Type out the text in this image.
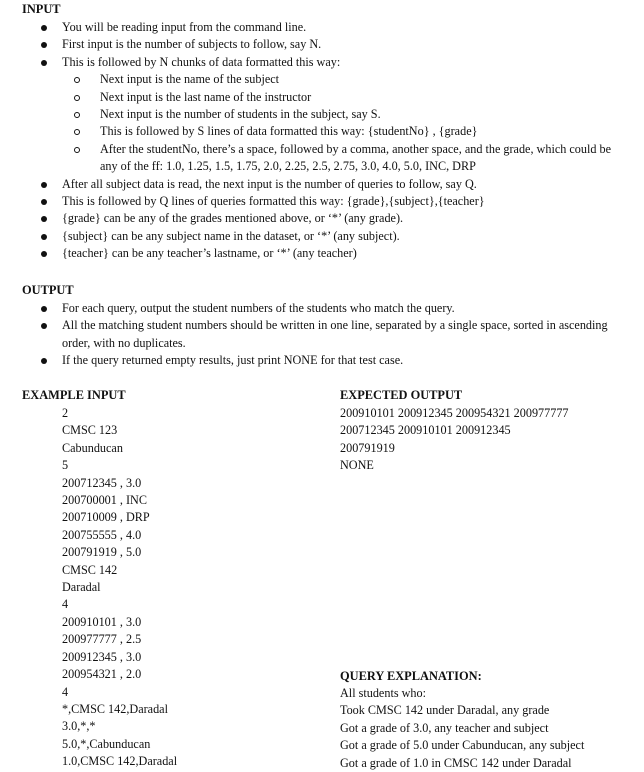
INPUT
You will be reading input from the command line.
First input is the number of subjects to follow, say N.
This is followed by N chunks of data formatted this way:
Next input is the name of the subject
Next input is the last name of the instructor
Next input is the number of students in the subject, say S.
This is followed by S lines of data formatted this way: {studentNo} , {grade}
After the studentNo, there’s a space, followed by a comma, another space, and the grade, which could be any of the ff: 1.0, 1.25, 1.5, 1.75, 2.0, 2.25, 2.5, 2.75, 3.0, 4.0, 5.0, INC, DRP
After all subject data is read, the next input is the number of queries to follow, say Q.
This is followed by Q lines of queries formatted this way: {grade},{subject},{teacher}
{grade} can be any of the grades mentioned above, or ‘*’ (any grade).
{subject} can be any subject name in the dataset, or ‘*’ (any subject).
{teacher} can be any teacher’s lastname, or ‘*’ (any teacher)
OUTPUT
For each query, output the student numbers of the students who match the query.
All the matching student numbers should be written in one line, separated by a single space, sorted in ascending order, with no duplicates.
If the query returned empty results, just print NONE for that test case.
EXAMPLE INPUT
2
CMSC 123
Cabunducan
5
200712345 , 3.0
200700001 , INC
200710009 , DRP
200755555 , 4.0
200791919 , 5.0
CMSC 142
Daradal
4
200910101 , 3.0
200977777 , 2.5
200912345 , 3.0
200954321 , 2.0
4
*,CMSC 142,Daradal
3.0,*,*
5.0,*,Cabunducan
1.0,CMSC 142,Daradal
EXPECTED OUTPUT
200910101 200912345 200954321 200977777
200712345 200910101 200912345
200791919
NONE
QUERY EXPLANATION:
All students who:
Took CMSC 142 under Daradal, any grade
Got a grade of 3.0, any teacher and subject
Got a grade of 5.0 under Cabunducan, any subject
Got a grade of 1.0 in CMSC 142 under Daradal
